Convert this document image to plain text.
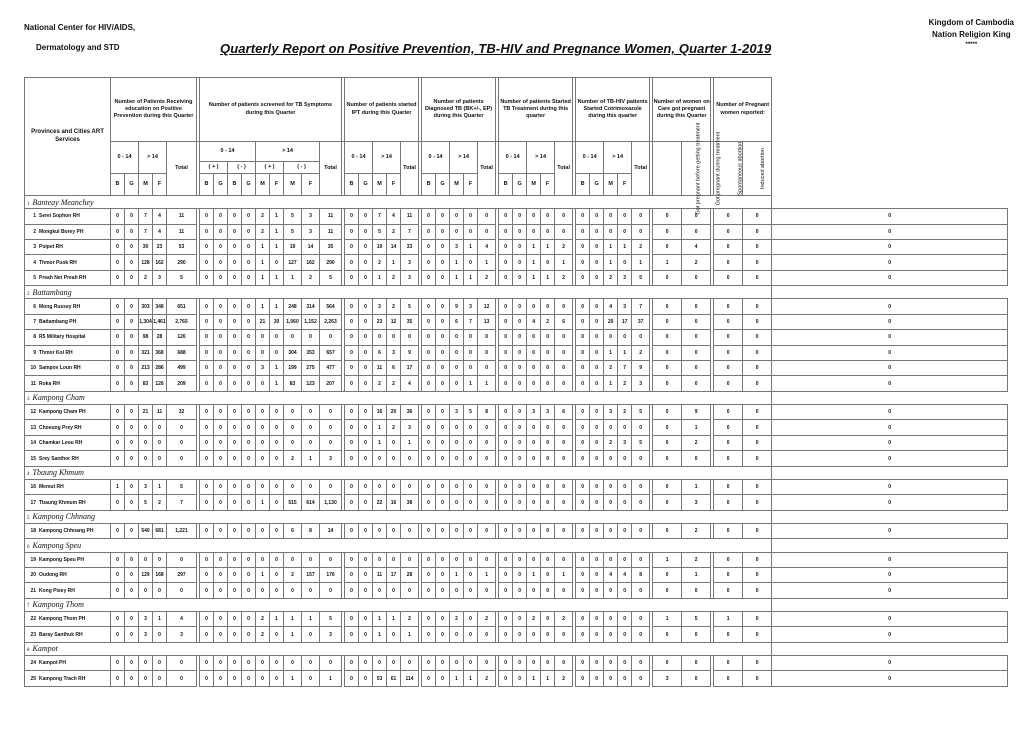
National Center for HIV/AIDS,
Dermatology and STD
Kingdom of Cambodia
Nation Religion King
*****
Quarterly Report on Positive Prevention, TB-HIV and Pregnance Women, Quarter 1-2019
Provinces and Cities ART Services	Number of Patients Receiving education on Positive Prevention during this Quarter						Number of patients screened for TB Symptoms during this Quarter										Number of patients started IPT during this Quarter						Number of patients Diagnosed TB (BK+/-, EP) during this Quarter						Number of patients Started TB Treatment during this quarter						Number of TB-HIV patients Started Cotrimoxazole during this quarter						Number of women on Care got pregnant during this Quarter			Number of Pregnant women reported:		
	0 - 14		> 14		Total		0 - 14				> 14				Total		0 - 14		> 14		Total		0 - 14		> 14		Total		0 - 14		> 14		Total		0 - 14		> 14		Total		Got pregnant before getting treatment	Got pregnant during treatment		Spontaneous abortion	Induced abortion	
							( + )		( - )		( + )		( - )																																	
	B	G	M	F			B	G	B	G	M	F	M	F			B	G	M	F			B	G	M	F			B	G	M	F			B	G	M	F								
1 Banteay Meanchey																																														
1 Serei Sophon RH	0	0	7	4	11		0	0	0	0	2	1	5	3	11		0	0	7	4	11		0	0	0	0	0		0	0	0	0	0		0	0	0	0	0		0	0		0	0	0
2 Mongkul Borey PH	0	0	7	4	11		0	0	0	0	2	1	5	3	11		0	0	5	2	7		0	0	0	0	0		0	0	0	0	0		0	0	0	0	0		0	0		0	0	0
3 Poipet RH	0	0	30	23	53		0	0	0	0	1	1	19	14	35		0	0	19	14	33		0	0	3	1	4		0	0	1	1	2		0	0	1	1	2		0	4		0	0	0
4 Thmor Puok RH	0	0	128	162	290		0	0	0	0	1	0	127	162	290		0	0	2	1	3		0	0	1	0	1		0	0	1	0	1		0	0	1	0	1		1	2		0	0	0
5 Preah Net Preah RH	0	0	2	3	5		0	0	0	0	1	1	1	2	5		0	0	1	2	3		0	0	1	1	2		0	0	1	1	2		0	0	2	3	5		0	0		0	0	0
2 Battambang																																														
6 Mong Russey RH	0	0	303	348	651		0	0	0	0	1	1	248	314	564		0	0	3	2	5		0	0	9	3	12		0	0	0	0	0		0	0	4	3	7		0	0		0	0	0
7 Battambang PH	0	0	1,304	1,461	2,765		0	0	0	0	21	30	1,060	1,152	2,263		0	0	23	12	35		0	0	6	7	13		0	0	4	2	6		0	0	20	17	37		0	0		0	0	0
8 R5 Military Hospital	0	0	98	28	126		0	0	0	0	0	0	0	0	0		0	0	0	0	0		0	0	0	0	0		0	0	0	0	0		0	0	0	0	0		0	0		0	0	0
9 Thmor Kol RH	0	0	321	368	688		0	0	0	0	0	0	304	353	657		0	0	6	3	9		0	0	0	0	0		0	0	0	0	0		0	0	1	1	2		0	0		0	0	0
10 Sampov Loun RH	0	0	213	286	499		0	0	0	0	3	1	199	275	477		0	0	11	6	17		0	0	0	0	0		0	0	0	0	0		0	0	2	7	9		0	0		0	0	0
11 Roka RH	0	0	83	126	209		0	0	0	0	0	1	83	123	207		0	0	2	2	4		0	0	0	1	1		0	0	0	0	0		0	0	1	2	3		0	0		0	0	0
3 Kampong Cham																																														
12 Kampong Cham PH	0	0	21	11	32		0	0	0	0	0	0	0	0	0		0	0	16	20	36		0	0	3	5	8		0	0	3	3	6		0	0	3	2	5		0	9		0	0	0
13 Choeung Prey RH	0	0	0	0	0		0	0	0	0	0	0	0	0	0		0	0	1	2	3		0	0	0	0	0		0	0	0	0	0		0	0	0	0	0		0	1		0	0	0
14 Chamkar Leou RH	0	0	0	0	0		0	0	0	0	0	0	0	0	0		0	0	1	0	1		0	0	0	0	0		0	0	0	0	0		0	0	2	3	5		0	2		0	0	0
15 Srey Santhor RH	0	0	0	0	0		0	0	0	0	0	0	2	1	3		0	0	0	0	0		0	0	0	0	0		0	0	0	0	0		0	0	0	0	0		0	0		0	0	0
4 Tbaung Khmum																																														
16 Memut RH	1	0	3	1	5		0	0	0	0	0	0	0	0	0		0	0	0	0	0		0	0	0	0	0		0	0	0	0	0		0	0	0	0	0		0	1		0	0	0
17 Tbaung Khmum RH	0	0	5	2	7		0	0	0	0	1	0	515	614	1,130		0	0	22	16	38		0	0	0	0	0		0	0	0	0	0		0	0	0	0	0		0	3		0	0	0
5 Kampong Chhnang																																														
18 Kampong Chhnang PH	0	0	540	681	1,221		0	0	0	0	0	0	6	8	14		0	0	0	0	0		0	0	0	0	0		0	0	0	0	0		0	0	0	0	0		0	2		0	0	0
6 Kampong Speu																																														
19 Kampong Speu PH	0	0	0	0	0		0	0	0	0	0	0	0	0	0		0	0	0	0	0		0	0	0	0	0		0	0	0	0	0		0	0	0	0	0		1	2		0	0	0
20 Oudong RH	0	0	129	168	297		0	0	0	0	1	0	2	157	176		0	0	11	17	28		0	0	1	0	1		0	0	1	0	1		0	0	4	4	8		0	1		0	0	0
21 Kong Pisey RH	0	0	0	0	0		0	0	0	0	0	0	0	0	0		0	0	0	0	0		0	0	0	0	0		0	0	0	0	0		0	0	0	0	0		0	0		0	0	0
7 Kampong Thom																																														
22 Kampong Thom PH	0	0	3	1	4		0	0	0	0	2	1	1	1	5		0	0	1	1	2		0	0	2	0	2		0	0	2	0	2		0	0	0	0	0		1	5		1	0	0
23 Baray Santhuk RH	0	0	3	0	3		0	0	0	0	2	0	1	0	3		0	0	1	0	1		0	0	0	0	0		0	0	0	0	0		0	0	0	0	0		0	0		0	0	0
8 Kampot																																														
24 Kampot PH	0	0	0	0	0		0	0	0	0	0	0	0	0	0		0	0	0	0	0		0	0	0	0	0		0	0	0	0	0		0	0	0	0	0		0	0		0	0	0
25 Kampong Trach RH	0	0	0	0	0		0	0	0	0	0	0	1	0	1		0	0	53	61	114		0	0	1	1	2		0	0	1	1	2		0	0	0	0	0		3	0		0	0	0
